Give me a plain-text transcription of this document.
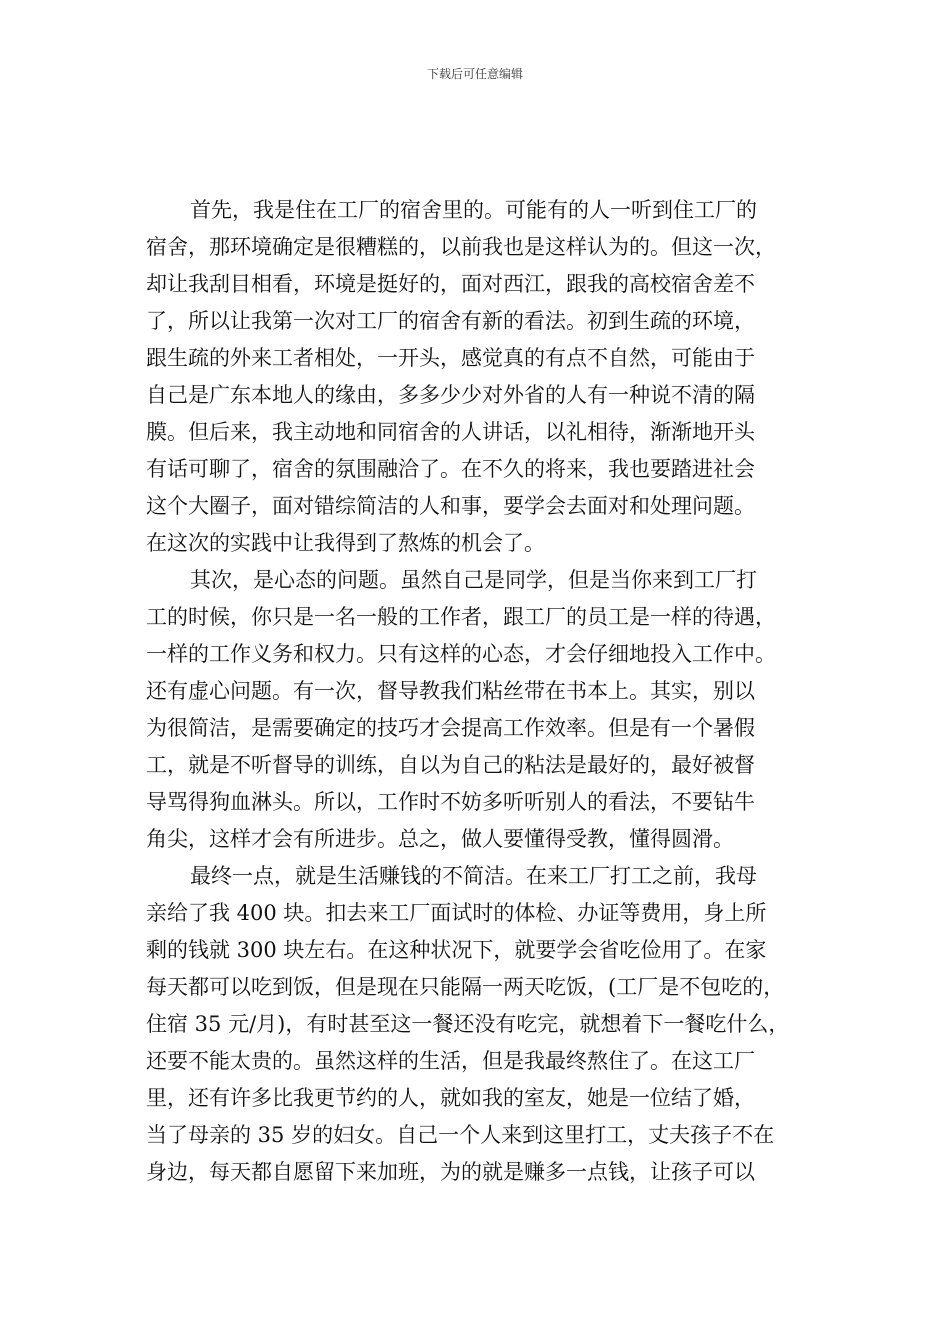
下载后可任意编辑
首先，我是住在工厂的宿舍里的。可能有的人一听到住工厂的
宿舍，那环境确定是很糟糕的，以前我也是这样认为的。但这一次，
却让我刮目相看，环境是挺好的，面对西江，跟我的高校宿舍差不
了，所以让我第一次对工厂的宿舍有新的看法。初到生疏的环境，
跟生疏的外来工者相处，一开头，感觉真的有点不自然，可能由于
自己是广东本地人的缘由，多多少少对外省的人有一种说不清的隔
膜。但后来，我主动地和同宿舍的人讲话，以礼相待，渐渐地开头
有话可聊了，宿舍的氛围融洽了。在不久的将来，我也要踏进社会
这个大圈子，面对错综简洁的人和事，要学会去面对和处理问题。
在这次的实践中让我得到了熬炼的机会了。
其次，是心态的问题。虽然自己是同学，但是当你来到工厂打
工的时候，你只是一名一般的工作者，跟工厂的员工是一样的待遇，
一样的工作义务和权力。只有这样的心态，才会仔细地投入工作中。
还有虚心问题。有一次，督导教我们粘丝带在书本上。其实，别以
为很简洁，是需要确定的技巧才会提高工作效率。但是有一个暑假
工，就是不听督导的训练，自以为自己的粘法是最好的，最好被督
导骂得狗血淋头。所以，工作时不妨多听听别人的看法，不要钻牛
角尖，这样才会有所进步。总之，做人要懂得受教，懂得圆滑。
最终一点，就是生活赚钱的不简洁。在来工厂打工之前，我母
亲给了我 400 块。扣去来工厂面试时的体检、办证等费用，身上所
剩的钱就 300 块左右。在这种状况下，就要学会省吃俭用了。在家
每天都可以吃到饭，但是现在只能隔一两天吃饭，(工厂是不包吃的，
住宿 35 元/月)，有时甚至这一餐还没有吃完，就想着下一餐吃什么，
还要不能太贵的。虽然这样的生活，但是我最终熬住了。在这工厂
里，还有许多比我更节约的人，就如我的室友，她是一位结了婚，
当了母亲的 35 岁的妇女。自己一个人来到这里打工，丈夫孩子不在
身边，每天都自愿留下来加班，为的就是赚多一点钱，让孩子可以
